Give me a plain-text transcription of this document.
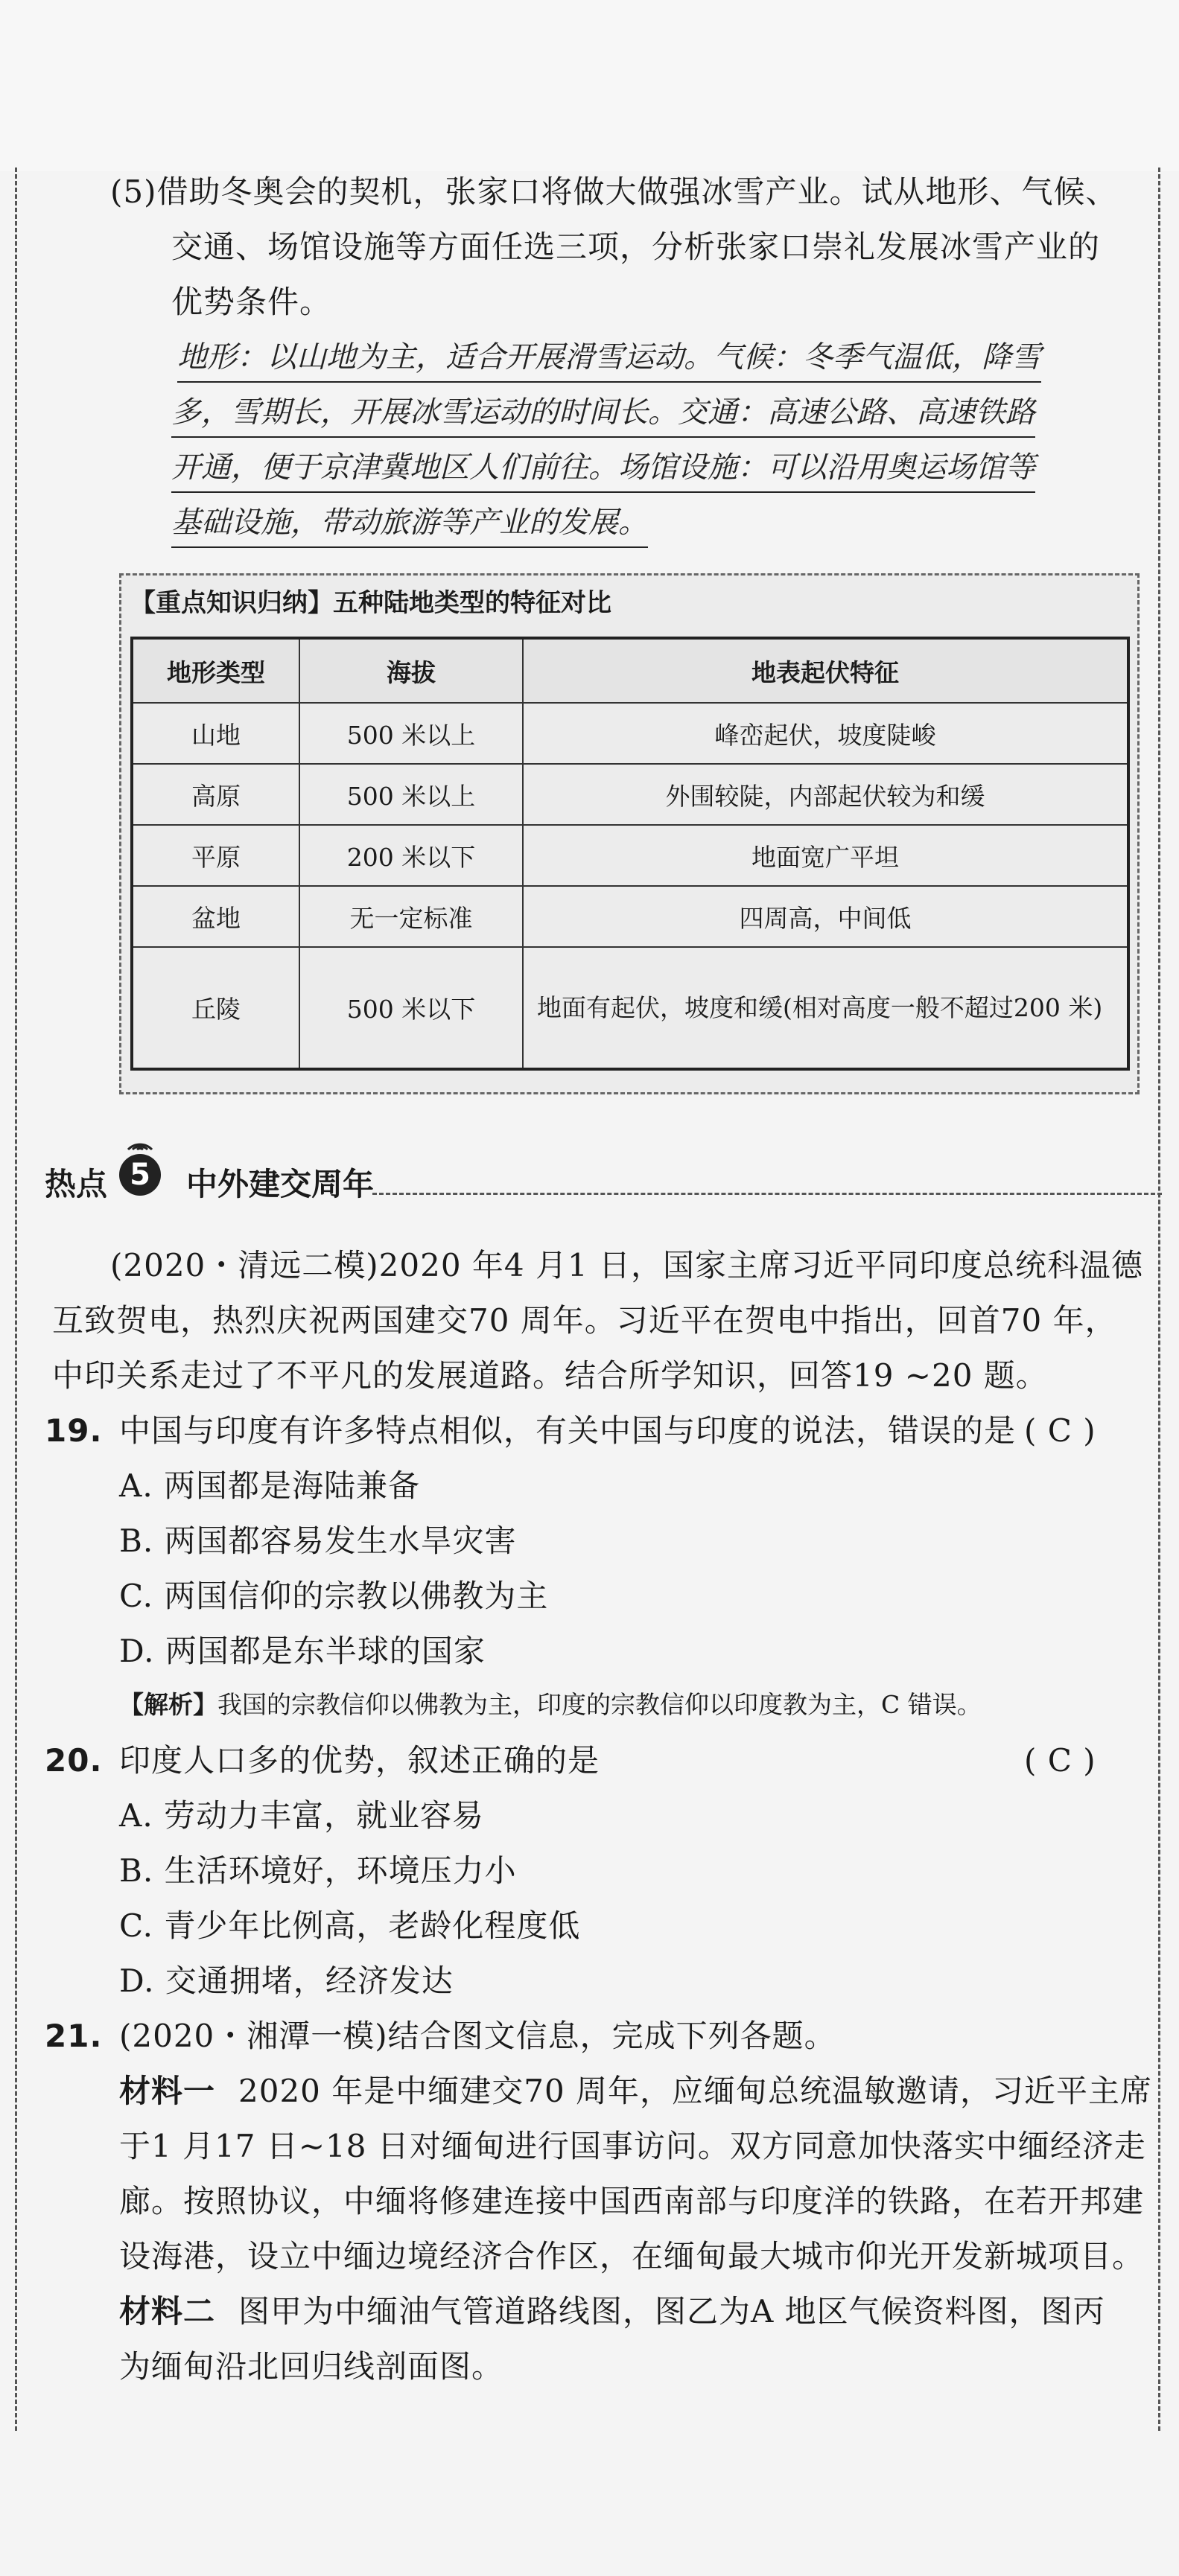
(5)借助冬奥会的契机，张家口将做大做强冰雪产业。试从地形、气候、
交通、场馆设施等方面任选三项，分析张家口崇礼发展冰雪产业的
优势条件。
地形：以山地为主，适合开展滑雪运动。气候：冬季气温低，降雪
多，雪期长，开展冰雪运动的时间长。交通：高速公路、高速铁路
开通，便于京津冀地区人们前往。场馆设施：可以沿用奥运场馆等
基础设施，带动旅游等产业的发展。
【重点知识归纳】五种陆地类型的特征对比
地形类型	海拔	地表起伏特征
山地	500 米以上	峰峦起伏，坡度陡峻
高原	500 米以上	外围较陡，内部起伏较为和缓
平原	200 米以下	地面宽广平坦
盆地	无一定标准	四周高，中间低
丘陵	500 米以下	地面有起伏，坡度和缓(相对高度一般不超过200 米)
热点 5	中外建交周年
(2020・清远二模)2020 年4 月1 日，国家主席习近平同印度总统科温德
互致贺电，热烈庆祝两国建交70 周年。习近平在贺电中指出，回首70 年，
中印关系走过了不平凡的发展道路。结合所学知识，回答19 ~20 题。
19. 中国与印度有许多特点相似，有关中国与印度的说法，错误的是 ( C )
A. 两国都是海陆兼备
B. 两国都容易发生水旱灾害
C. 两国信仰的宗教以佛教为主
D. 两国都是东半球的国家
【解析】我国的宗教信仰以佛教为主，印度的宗教信仰以印度教为主，C 错误。
20. 印度人口多的优势，叙述正确的是	( C )
A. 劳动力丰富，就业容易
B. 生活环境好，环境压力小
C. 青少年比例高，老龄化程度低
D. 交通拥堵，经济发达
21. (2020・湘潭一模)结合图文信息，完成下列各题。
材料一 2020 年是中缅建交70 周年，应缅甸总统温敏邀请，习近平主席
于1 月17 日~18 日对缅甸进行国事访问。双方同意加快落实中缅经济走
廊。按照协议，中缅将修建连接中国西南部与印度洋的铁路，在若开邦建
设海港，设立中缅边境经济合作区，在缅甸最大城市仰光开发新城项目。
材料二 图甲为中缅油气管道路线图，图乙为A 地区气候资料图，图丙
为缅甸沿北回归线剖面图。
